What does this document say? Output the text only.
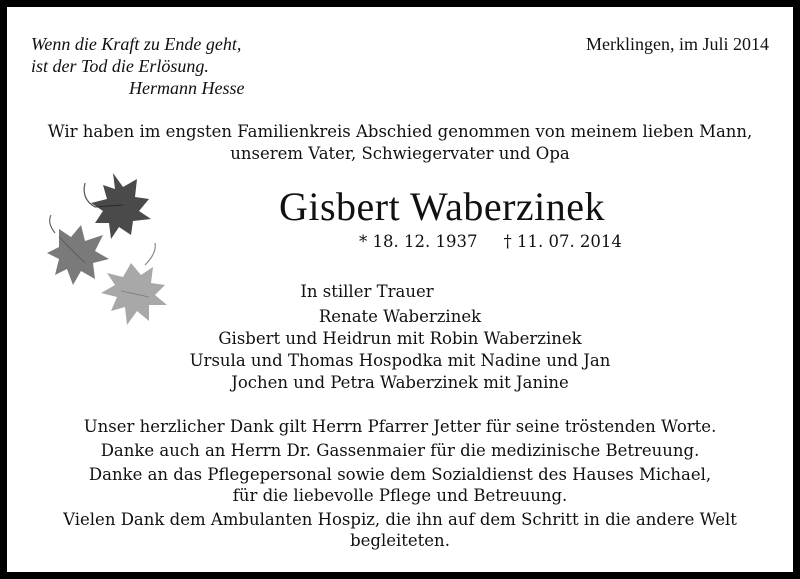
Wenn die Kraft zu Ende geht,
ist der Tod die Erlösung.
Hermann Hesse
Merklingen, im Juli 2014
Wir haben im engsten Familienkreis Abschied genommen von meinem lieben Mann,
unserem Vater, Schwiegervater und Opa
Gisbert Waberzinek
* 18. 12. 1937 † 11. 07. 2014
In stiller Trauer
Renate Waberzinek
Gisbert und Heidrun mit Robin Waberzinek
Ursula und Thomas Hospodka mit Nadine und Jan
Jochen und Petra Waberzinek mit Janine

Unser herzlicher Dank gilt Herrn Pfarrer Jetter für seine tröstenden Worte.

Danke auch an Herrn Dr. Gassenmaier für die medizinische Betreuung.

Danke an das Pflegepersonal sowie dem Sozialdienst des Hauses Michael,
für die liebevolle Pflege und Betreuung.

Vielen Dank dem Ambulanten Hospiz, die ihn auf dem Schritt in die andere Welt
begleiteten.
